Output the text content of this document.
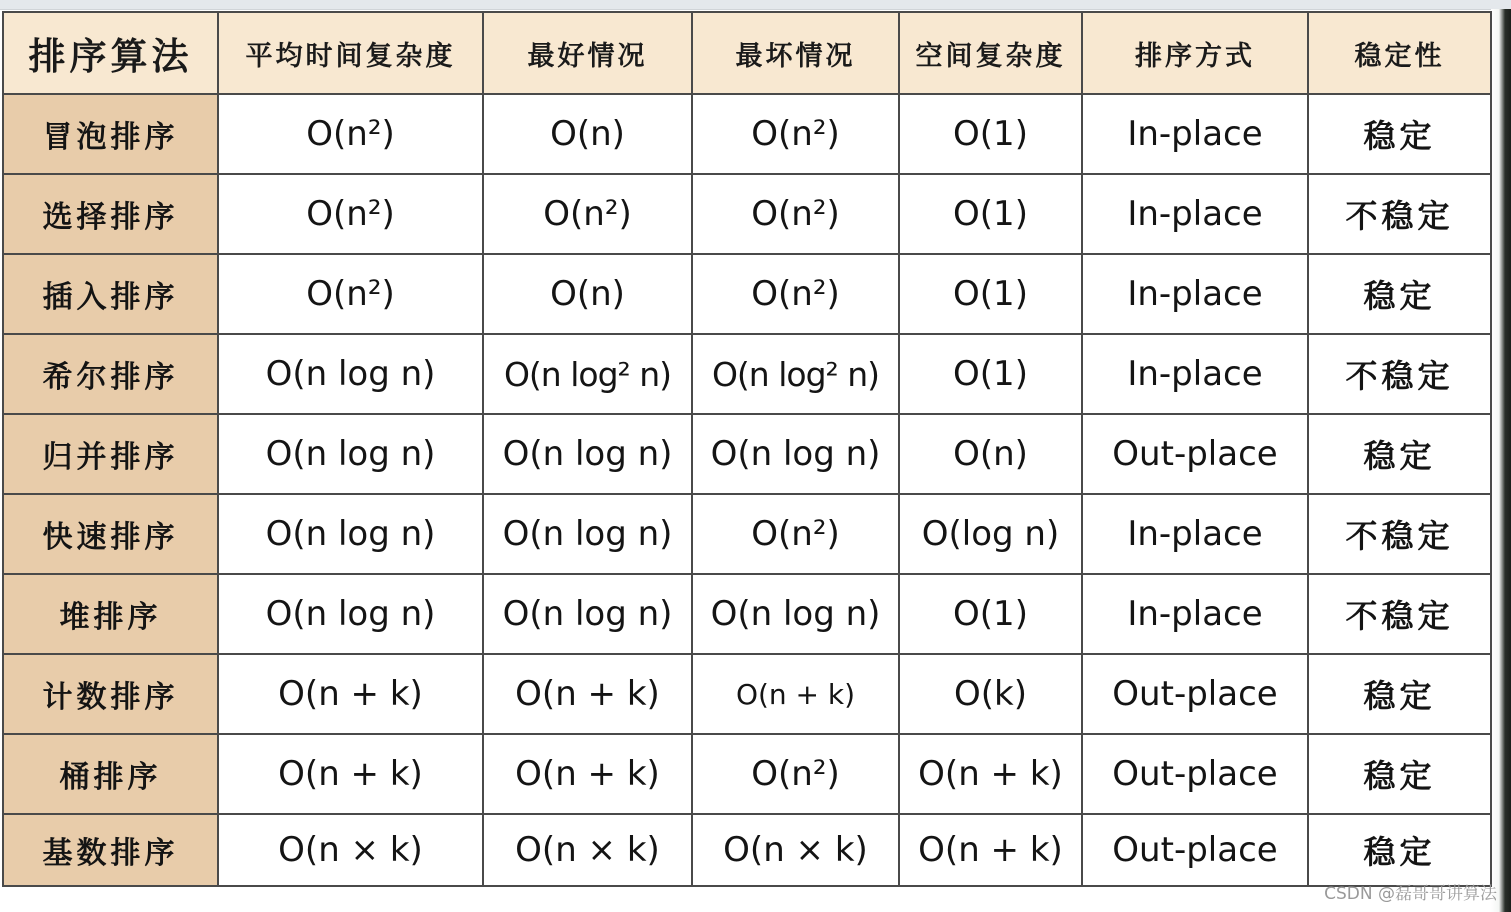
排序算法	平均时间复杂度	最好情况	最坏情况	空间复杂度	排序方式	稳定性
冒泡排序	O(n²)	O(n)	O(n²)	O(1)	In-place	稳定
选择排序	O(n²)	O(n²)	O(n²)	O(1)	In-place	不稳定
插入排序	O(n²)	O(n)	O(n²)	O(1)	In-place	稳定
希尔排序	O(n log n)	O(n log² n)	O(n log² n)	O(1)	In-place	不稳定
归并排序	O(n log n)	O(n log n)	O(n log n)	O(n)	Out-place	稳定
快速排序	O(n log n)	O(n log n)	O(n²)	O(log n)	In-place	不稳定
堆排序	O(n log n)	O(n log n)	O(n log n)	O(1)	In-place	不稳定
计数排序	O(n + k)	O(n + k)	O(n + k)	O(k)	Out-place	稳定
桶排序	O(n + k)	O(n + k)	O(n²)	O(n + k)	Out-place	稳定
基数排序	O(n × k)	O(n × k)	O(n × k)	O(n + k)	Out-place	稳定
CSDN @磊哥哥讲算法
